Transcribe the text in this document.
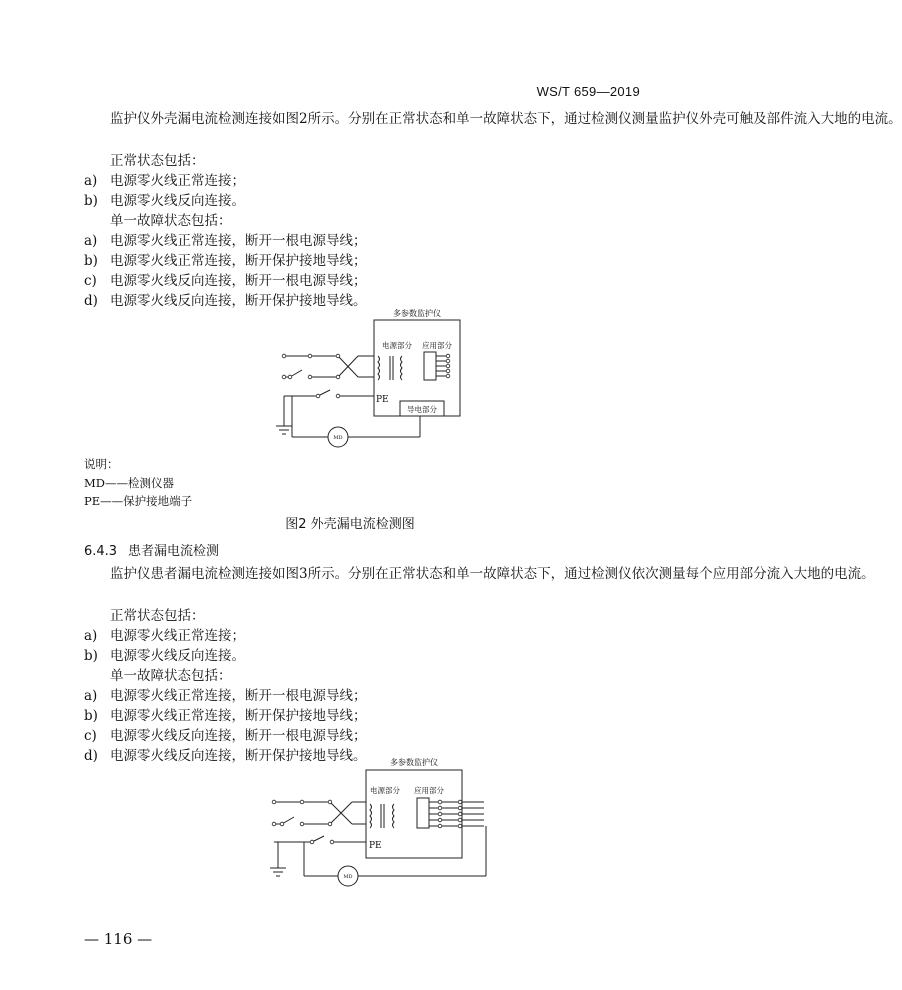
WS/T 659—2019
监护仪外壳漏电流检测连接如图2所示。分别在正常状态和单一故障状态下，通过检测仪测量监护仪外壳可触及部件流入大地的电流。
正常状态包括：
a) 电源零火线正常连接；
b) 电源零火线反向连接。
单一故障状态包括：
a) 电源零火线正常连接，断开一根电源导线；
b) 电源零火线正常连接，断开保护接地导线；
c) 电源零火线反向连接，断开一根电源导线；
d) 电源零火线反向连接，断开保护接地导线。
多参数监护仪
电源部分 应用部分
PE
导电部分
MD
说明：
MD——检测仪器
PE——保护接地端子
图2 外壳漏电流检测图
6.4.3 患者漏电流检测
监护仪患者漏电流检测连接如图3所示。分别在正常状态和单一故障状态下，通过检测仪依次测量每个应用部分流入大地的电流。
正常状态包括：
a) 电源零火线正常连接；
b) 电源零火线反向连接。
单一故障状态包括：
a) 电源零火线正常连接，断开一根电源导线；
b) 电源零火线正常连接，断开保护接地导线；
c) 电源零火线反向连接，断开一根电源导线；
d) 电源零火线反向连接，断开保护接地导线。	多参数监护仪
电源部分 应用部分
PE
MD
— 116 —
